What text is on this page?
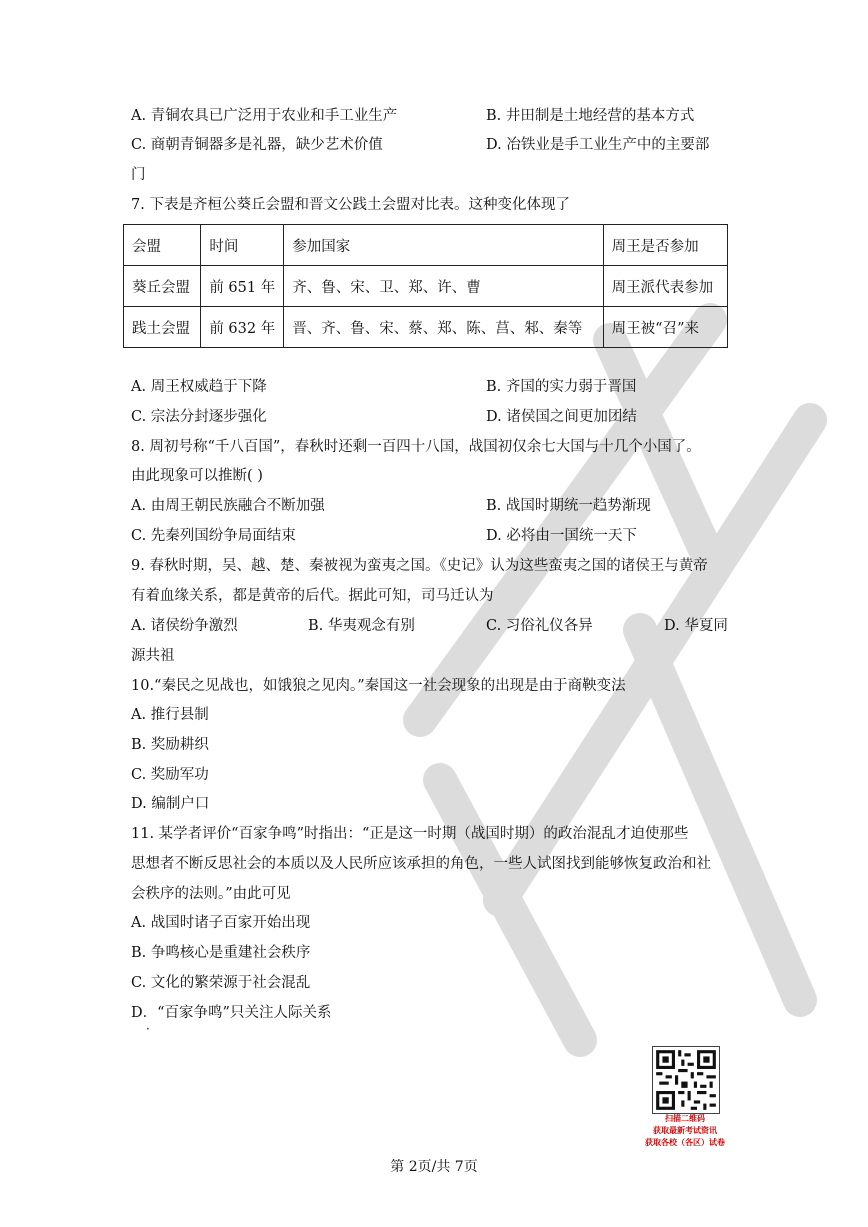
A. 青铜农具已广泛用于农业和手工业生产	B. 井田制是土地经营的基本方式
C. 商朝青铜器多是礼器，缺少艺术价值	D. 冶铁业是手工业生产中的主要部
门
7. 下表是齐桓公葵丘会盟和晋文公践土会盟对比表。这种变化体现了
会盟	时间	参加国家	周王是否参加
葵丘会盟	前 651 年	齐、鲁、宋、卫、郑、许、曹	周王派代表参加
践土会盟	前 632 年	晋、齐、鲁、宋、蔡、郑、陈、莒、邾、秦等	周王被“召”来
A. 周王权威趋于下降	B. 齐国的实力弱于晋国
C. 宗法分封逐步强化	D. 诸侯国之间更加团结
8. 周初号称“千八百国”，春秋时还剩一百四十八国，战国初仅余七大国与十几个小国了。
由此现象可以推断( )
A. 由周王朝民族融合不断加强	B. 战国时期统一趋势渐现
C. 先秦列国纷争局面结束	D. 必将由一国统一天下
9. 春秋时期，吴、越、楚、秦被视为蛮夷之国。《史记》认为这些蛮夷之国的诸侯王与黄帝
有着血缘关系，都是黄帝的后代。据此可知，司马迁认为
A. 诸侯纷争激烈	B. 华夷观念有别	C. 习俗礼仪各异	D. 华夏同
源共祖
10.“秦民之见战也，如饿狼之见肉。”秦国这一社会现象的出现是由于商鞅变法
A. 推行县制
B. 奖励耕织
C. 奖励军功
D. 编制户口
11. 某学者评价“百家争鸣”时指出：“正是这一时期（战国时期）的政治混乱才迫使那些
思想者不断反思社会的本质以及人民所应该承担的角色，一些人试图找到能够恢复政治和社
会秩序的法则。”由此可见
A. 战国时诸子百家开始出现
B. 争鸣核心是重建社会秩序
C. 文化的繁荣源于社会混乱
D．“百家争鸣”只关注人际关系
·
扫描二维码
获取最新考试资讯
获取各校（各区）试卷
第 2页/共 7页
